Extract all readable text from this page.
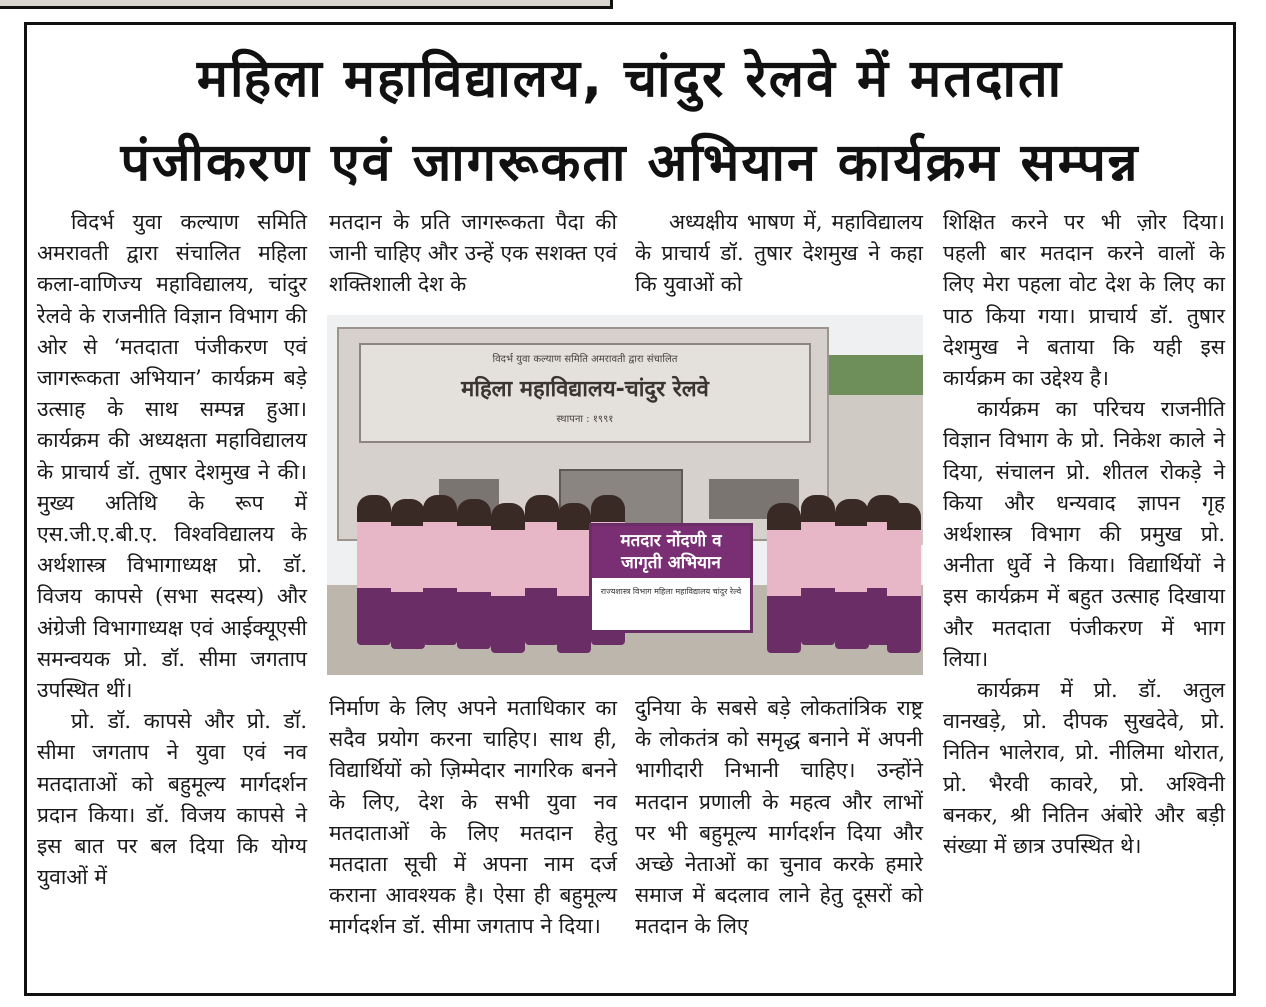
महिला महाविद्यालय, चांदुर रेलवे में मतदाता
पंजीकरण एवं जागरूकता अभियान कार्यक्रम सम्पन्न

विदर्भ युवा कल्याण समिति अमरावती द्वारा संचालित महिला कला-वाणिज्य महाविद्यालय, चांदुर रेलवे के राजनीति विज्ञान विभाग की ओर से ‘मतदाता पंजीकरण एवं जागरूकता अभियान’ कार्यक्रम बड़े उत्साह के साथ सम्पन्न हुआ। कार्यक्रम की अध्यक्षता महाविद्यालय के प्राचार्य डॉ. तुषार देशमुख ने की। मुख्य अतिथि के रूप में एस.जी.ए.बी.ए. विश्वविद्यालय के अर्थशास्त्र विभागाध्यक्ष प्रो. डॉ. विजय कापसे (सभा सदस्य) और अंग्रेजी विभागाध्यक्ष एवं आईक्यूएसी समन्वयक प्रो. डॉ. सीमा जगताप उपस्थित थीं।

प्रो. डॉ. कापसे और प्रो. डॉ. सीमा जगताप ने युवा एवं नव मतदाताओं को बहुमूल्य मार्गदर्शन प्रदान किया। डॉ. विजय कापसे ने इस बात पर बल दिया कि योग्य युवाओं में

मतदान के प्रति जागरूकता पैदा की जानी चाहिए और उन्हें एक सशक्त एवं शक्तिशाली देश के

अध्यक्षीय भाषण में, महाविद्यालय के प्राचार्य डॉ. तुषार देशमुख ने कहा कि युवाओं को

विदर्भ युवा कल्याण समिति अमरावती द्वारा संचालित
महिला महाविद्यालय-चांदुर रेलवे
स्थापना : १९९१
मतदार नोंदणी व
जागृती अभियान
राज्यशास्त्र विभाग महिला महाविद्यालय चांदुर रेल्वे

निर्माण के लिए अपने मताधिकार का सदैव प्रयोग करना चाहिए। साथ ही, विद्यार्थियों को ज़िम्मेदार नागरिक बनने के लिए, देश के सभी युवा नव मतदाताओं के लिए मतदान हेतु मतदाता सूची में अपना नाम दर्ज कराना आवश्यक है। ऐसा ही बहुमूल्य मार्गदर्शन डॉ. सीमा जगताप ने दिया।

दुनिया के सबसे बड़े लोकतांत्रिक राष्ट्र के लोकतंत्र को समृद्ध बनाने में अपनी भागीदारी निभानी चाहिए। उन्होंने मतदान प्रणाली के महत्व और लाभों पर भी बहुमूल्य मार्गदर्शन दिया और अच्छे नेताओं का चुनाव करके हमारे समाज में बदलाव लाने हेतु दूसरों को मतदान के लिए

शिक्षित करने पर भी ज़ोर दिया। पहली बार मतदान करने वालों के लिए मेरा पहला वोट देश के लिए का पाठ किया गया। प्राचार्य डॉ. तुषार देशमुख ने बताया कि यही इस कार्यक्रम का उद्देश्य है।

कार्यक्रम का परिचय राजनीति विज्ञान विभाग के प्रो. निकेश काले ने दिया, संचालन प्रो. शीतल रोकड़े ने किया और धन्यवाद ज्ञापन गृह अर्थशास्त्र विभाग की प्रमुख प्रो. अनीता धुर्वे ने किया। विद्यार्थियों ने इस कार्यक्रम में बहुत उत्साह दिखाया और मतदाता पंजीकरण में भाग लिया।

कार्यक्रम में प्रो. डॉ. अतुल वानखड़े, प्रो. दीपक सुखदेवे, प्रो. नितिन भालेराव, प्रो. नीलिमा थोरात, प्रो. भैरवी कावरे, प्रो. अश्विनी बनकर, श्री नितिन अंबोरे और बड़ी संख्या में छात्र उपस्थित थे।
